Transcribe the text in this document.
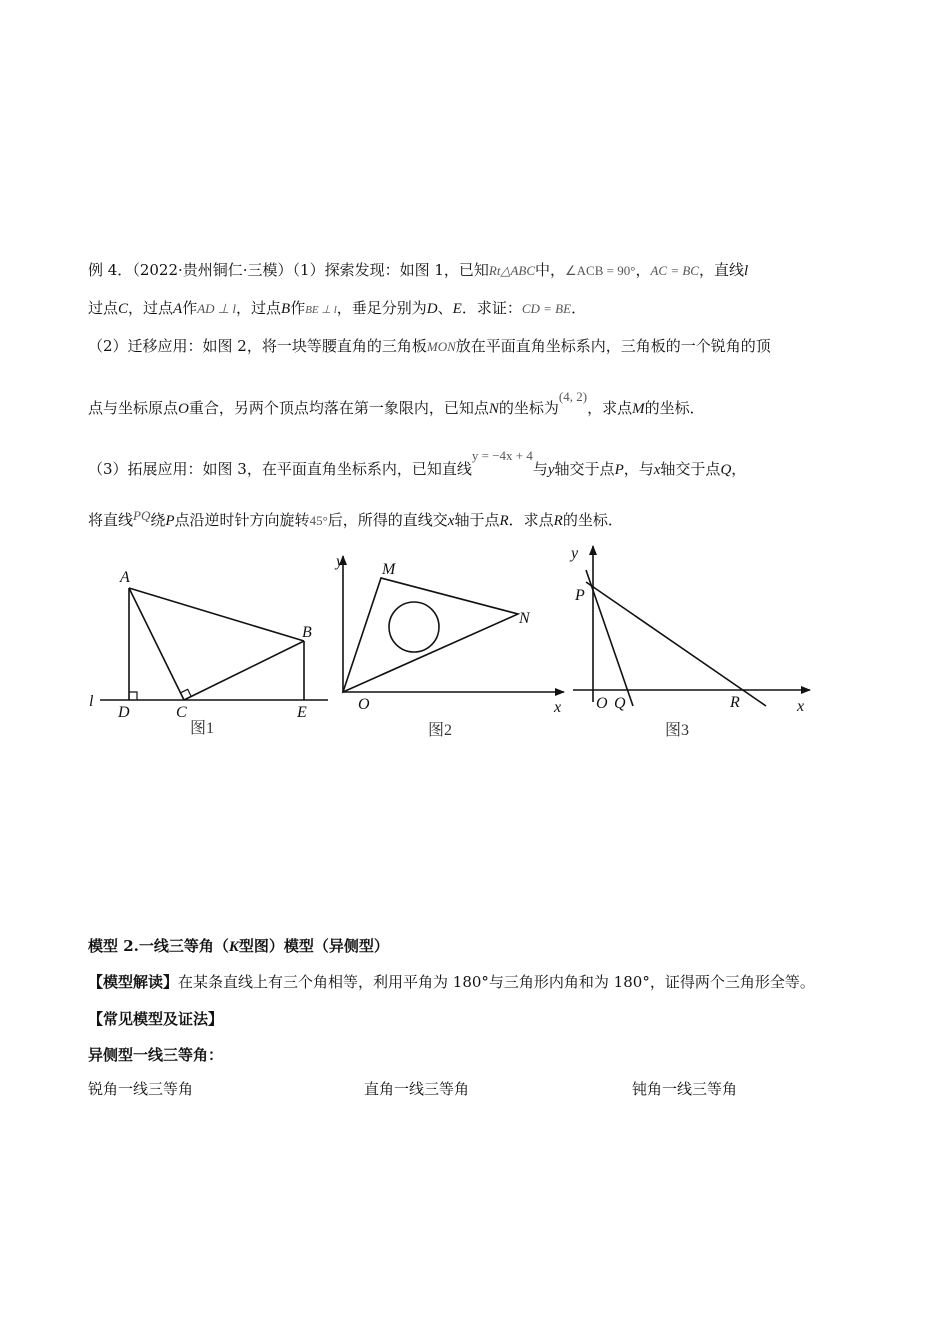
例 4．（2022·贵州铜仁·三模）（1）探索发现：如图 1，已知Rt△ABC中，∠ACB = 90°，AC = BC，直线l
过点C，过点A作AD ⊥ l，过点B作BE ⊥ l，垂足分别为D、E．求证：CD = BE．
（2）迁移应用：如图 2，将一块等腰直角的三角板MON放在平面直角坐标系内，三角板的一个锐角的顶
点与坐标原点O重合，另两个顶点均落在第一象限内，已知点N的坐标为(4, 2)，求点M的坐标．
（3）拓展应用：如图 3，在平面直角坐标系内，已知直线y = −4x + 4与y轴交于点P，与x轴交于点Q，
将直线PQ绕P点沿逆时针方向旋转45°后，所得的直线交x轴于点R．求点R的坐标．
A
B
l
D	C	E
图1
y M
N
O	x
图2
y
P
O Q	R	x
图3
模型 2.一线三等角（K型图）模型（异侧型）
【模型解读】在某条直线上有三个角相等，利用平角为 180°与三角形内角和为 180°，证得两个三角形全等。
【常见模型及证法】
异侧型一线三等角：
锐角一线三等角	直角一线三等角	钝角一线三等角
